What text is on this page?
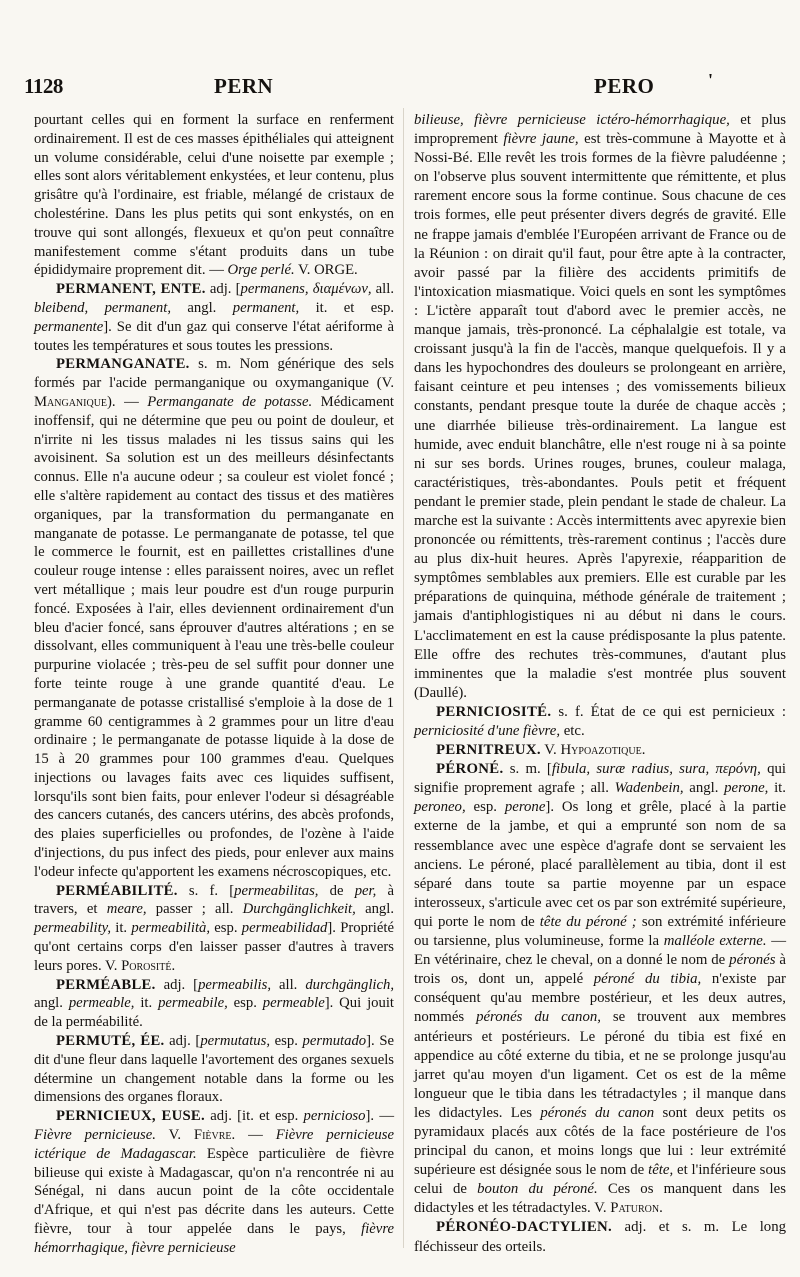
1128	PERN	PERO	'

pourtant celles qui en forment la surface en renferment ordinairement. Il est de ces masses épithéliales qui atteignent un volume considérable, celui d'une noisette par exemple ; elles sont alors véritablement enkystées, et leur contenu, plus grisâtre qu'à l'ordinaire, est friable, mélangé de cristaux de cholestérine. Dans les plus petits qui sont enkystés, on en trouve qui sont allongés, flexueux et qu'on peut connaître manifestement comme s'étant produits dans un tube épididymaire proprement dit. — Orge perlé. V. ORGE.

PERMANENT, ENTE. adj. [permanens, διαμένων, all. bleibend, permanent, angl. permanent, it. et esp. permanente]. Se dit d'un gaz qui conserve l'état aériforme à toutes les températures et sous toutes les pressions.

PERMANGANATE. s. m. Nom générique des sels formés par l'acide permanganique ou oxymanganique (V. Manganique). — Permanganate de potasse. Médicament inoffensif, qui ne détermine que peu ou point de douleur, et n'irrite ni les tissus malades ni les tissus sains qui les avoisinent. Sa solution est un des meilleurs désinfectants connus. Elle n'a aucune odeur ; sa couleur est violet foncé ; elle s'altère rapidement au contact des tissus et des matières organiques, par la transformation du permanganate en manganate de potasse. Le permanganate de potasse, tel que le commerce le fournit, est en paillettes cristallines d'une couleur rouge intense : elles paraissent noires, avec un reflet vert métallique ; mais leur poudre est d'un rouge purpurin foncé. Exposées à l'air, elles deviennent ordinairement d'un bleu d'acier foncé, sans éprouver d'autres altérations ; en se dissolvant, elles communiquent à l'eau une très-belle couleur purpurine violacée ; très-peu de sel suffit pour donner une forte teinte rouge à une grande quantité d'eau. Le permanganate de potasse cristallisé s'emploie à la dose de 1 gramme 60 centigrammes à 2 grammes pour un litre d'eau ordinaire ; le permanganate de potasse liquide à la dose de 15 à 20 grammes pour 100 grammes d'eau. Quelques injections ou lavages faits avec ces liquides suffisent, lorsqu'ils sont bien faits, pour enlever l'odeur si désagréable des cancers cutanés, des cancers utérins, des abcès profonds, des plaies superficielles ou profondes, de l'ozène à l'aide d'injections, du pus infect des pieds, pour enlever aux mains l'odeur infecte qu'apportent les examens nécroscopiques, etc.

PERMÉABILITÉ. s. f. [permeabilitas, de per, à travers, et meare, passer ; all. Durchgänglichkeit, angl. permeability, it. permeabilità, esp. permeabilidad]. Propriété qu'ont certains corps d'en laisser passer d'autres à travers leurs pores. V. Porosité.

PERMÉABLE. adj. [permeabilis, all. durchgänglich, angl. permeable, it. permeabile, esp. permeable]. Qui jouit de la perméabilité.

PERMUTÉ, ÉE. adj. [permutatus, esp. permutado]. Se dit d'une fleur dans laquelle l'avortement des organes sexuels détermine un changement notable dans la forme ou les dimensions des organes floraux.

PERNICIEUX, EUSE. adj. [it. et esp. pernicioso]. — Fièvre pernicieuse. V. Fièvre. — Fièvre pernicieuse ictérique de Madagascar. Espèce particulière de fièvre bilieuse qui existe à Madagascar, qu'on n'a rencontrée ni au Sénégal, ni dans aucun point de la côte occidentale d'Afrique, et qui n'est pas décrite dans les auteurs. Cette fièvre, tour à tour appelée dans le pays, fièvre hémorrhagique, fièvre pernicieuse

bilieuse, fièvre pernicieuse ictéro-hémorrhagique, et plus improprement fièvre jaune, est très-commune à Mayotte et à Nossi-Bé. Elle revêt les trois formes de la fièvre paludéenne ; on l'observe plus souvent intermittente que rémittente, et plus rarement encore sous la forme continue. Sous chacune de ces trois formes, elle peut présenter divers degrés de gravité. Elle ne frappe jamais d'emblée l'Européen arrivant de France ou de la Réunion : on dirait qu'il faut, pour être apte à la contracter, avoir passé par la filière des accidents primitifs de l'intoxication miasmatique. Voici quels en sont les symptômes : L'ictère apparaît tout d'abord avec le premier accès, ne manque jamais, très-prononcé. La céphalalgie est totale, va croissant jusqu'à la fin de l'accès, manque quelquefois. Il y a dans les hypochondres des douleurs se prolongeant en arrière, faisant ceinture et peu intenses ; des vomissements bilieux constants, pendant presque toute la durée de chaque accès ; une diarrhée bilieuse très-ordinairement. La langue est humide, avec enduit blanchâtre, elle n'est rouge ni à sa pointe ni sur ses bords. Urines rouges, brunes, couleur malaga, caractéristiques, très-abondantes. Pouls petit et fréquent pendant le premier stade, plein pendant le stade de chaleur. La marche est la suivante : Accès intermittents avec apyrexie bien prononcée ou rémittents, très-rarement continus ; l'accès dure au plus dix-huit heures. Après l'apyrexie, réapparition de symptômes semblables aux premiers. Elle est curable par les préparations de quinquina, méthode générale de traitement ; jamais d'antiphlogistiques ni au début ni dans le cours. L'acclimatement en est la cause prédisposante la plus patente. Elle offre des rechutes très-communes, d'autant plus imminentes que la maladie s'est montrée plus souvent (Daullé).

PERNICIOSITÉ. s. f. État de ce qui est pernicieux : perniciosité d'une fièvre, etc.

PERNITREUX. V. Hypoazotique.

PÉRONÉ. s. m. [fibula, suræ radius, sura, περόνη, qui signifie proprement agrafe ; all. Wadenbein, angl. perone, it. peroneo, esp. perone]. Os long et grêle, placé à la partie externe de la jambe, et qui a emprunté son nom de sa ressemblance avec une espèce d'agrafe dont se servaient les anciens. Le péroné, placé parallèlement au tibia, dont il est séparé dans toute sa partie moyenne par un espace interosseux, s'articule avec cet os par son extrémité supérieure, qui porte le nom de tête du péroné ; son extrémité inférieure ou tarsienne, plus volumineuse, forme la malléole externe. — En vétérinaire, chez le cheval, on a donné le nom de péronés à trois os, dont un, appelé péroné du tibia, n'existe par conséquent qu'au membre postérieur, et les deux autres, nommés péronés du canon, se trouvent aux membres antérieurs et postérieurs. Le péroné du tibia est fixé en appendice au côté externe du tibia, et ne se prolonge jusqu'au jarret qu'au moyen d'un ligament. Cet os est de la même longueur que le tibia dans les tétradactyles ; il manque dans les didactyles. Les péronés du canon sont deux petits os pyramidaux placés aux côtés de la face postérieure de l'os principal du canon, et moins longs que lui : leur extrémité supérieure est désignée sous le nom de tête, et l'inférieure sous celui de bouton du péroné. Ces os manquent dans les didactyles et les tétradactyles. V. Paturon.

PÉRONÉO-DACTYLIEN. adj. et s. m. Le long fléchisseur des orteils.
